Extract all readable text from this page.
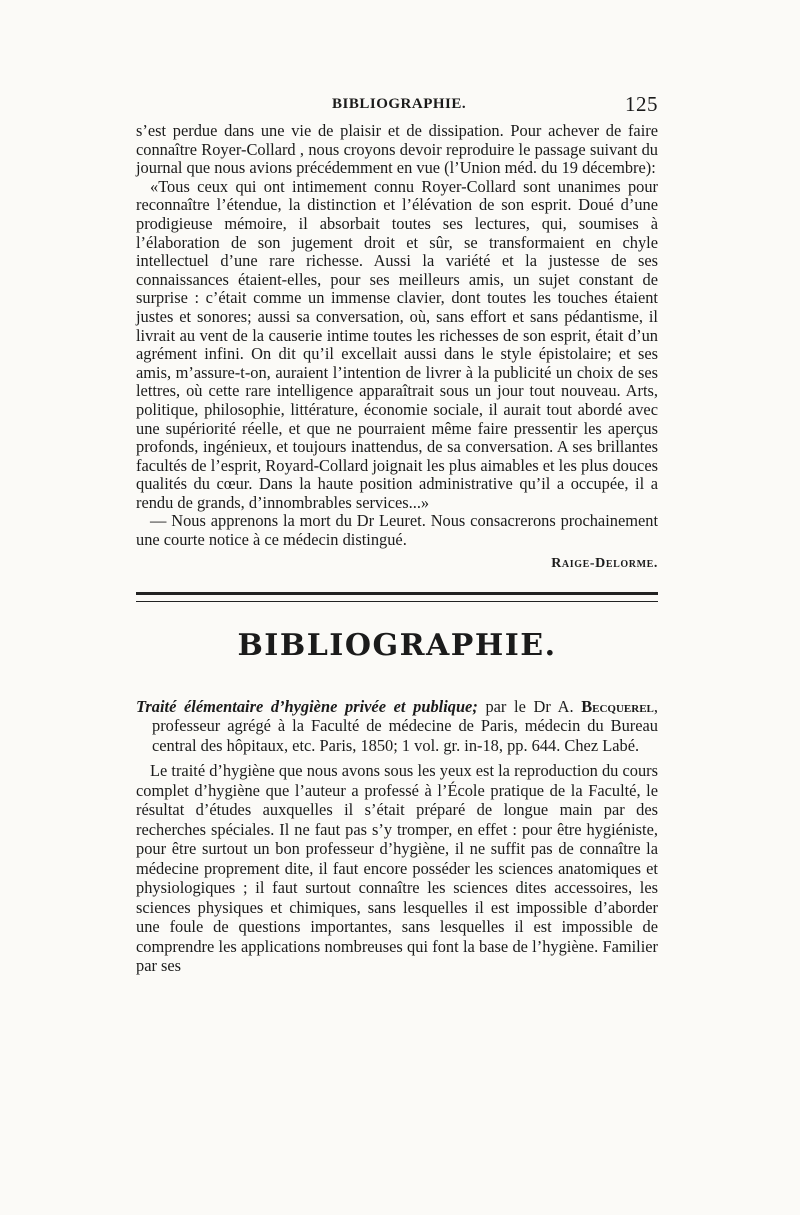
BIBLIOGRAPHIE.	125

s’est perdue dans une vie de plaisir et de dissipation. Pour achever de faire connaître Royer-Collard , nous croyons devoir reproduire le passage suivant du journal que nous avions précédemment en vue (l’Union méd. du 19 décembre):

«Tous ceux qui ont intimement connu Royer-Collard sont unanimes pour reconnaître l’étendue, la distinction et l’élévation de son esprit. Doué d’une prodigieuse mémoire, il absorbait toutes ses lectures, qui, soumises à l’élaboration de son jugement droit et sûr, se transformaient en chyle intellectuel d’une rare richesse. Aussi la variété et la justesse de ses connaissances étaient-elles, pour ses meilleurs amis, un sujet constant de surprise : c’était comme un immense clavier, dont toutes les touches étaient justes et sonores; aussi sa conversation, où, sans effort et sans pédantisme, il livrait au vent de la causerie intime toutes les richesses de son esprit, était d’un agrément infini. On dit qu’il excellait aussi dans le style épistolaire; et ses amis, m’assure-t-on, auraient l’intention de livrer à la publicité un choix de ses lettres, où cette rare intelligence apparaîtrait sous un jour tout nouveau. Arts, politique, philosophie, littérature, économie sociale, il aurait tout abordé avec une supériorité réelle, et que ne pourraient même faire pressentir les aperçus profonds, ingénieux, et toujours inattendus, de sa conversation. A ses brillantes facultés de l’esprit, Royard-Collard joignait les plus aimables et les plus douces qualités du cœur. Dans la haute position administrative qu’il a occupée, il a rendu de grands, d’innombrables services...»

— Nous apprenons la mort du Dr Leuret. Nous consacrerons prochainement une courte notice à ce médecin distingué.

Raige-Delorme.
BIBLIOGRAPHIE.
Traité élémentaire d’hygiène privée et publique; par le Dr A. Becquerel, professeur agrégé à la Faculté de médecine de Paris, médecin du Bureau central des hôpitaux, etc. Paris, 1850; 1 vol. gr. in-18, pp. 644. Chez Labé.

Le traité d’hygiène que nous avons sous les yeux est la reproduction du cours complet d’hygiène que l’auteur a professé à l’École pratique de la Faculté, le résultat d’études auxquelles il s’était préparé de longue main par des recherches spéciales. Il ne faut pas s’y tromper, en effet : pour être hygiéniste, pour être surtout un bon professeur d’hygiène, il ne suffit pas de connaître la médecine proprement dite, il faut encore posséder les sciences anatomiques et physiologiques ; il faut surtout connaître les sciences dites accessoires, les sciences physiques et chimiques, sans lesquelles il est impossible d’aborder une foule de questions importantes, sans lesquelles il est impossible de comprendre les applications nombreuses qui font la base de l’hygiène. Familier par ses
